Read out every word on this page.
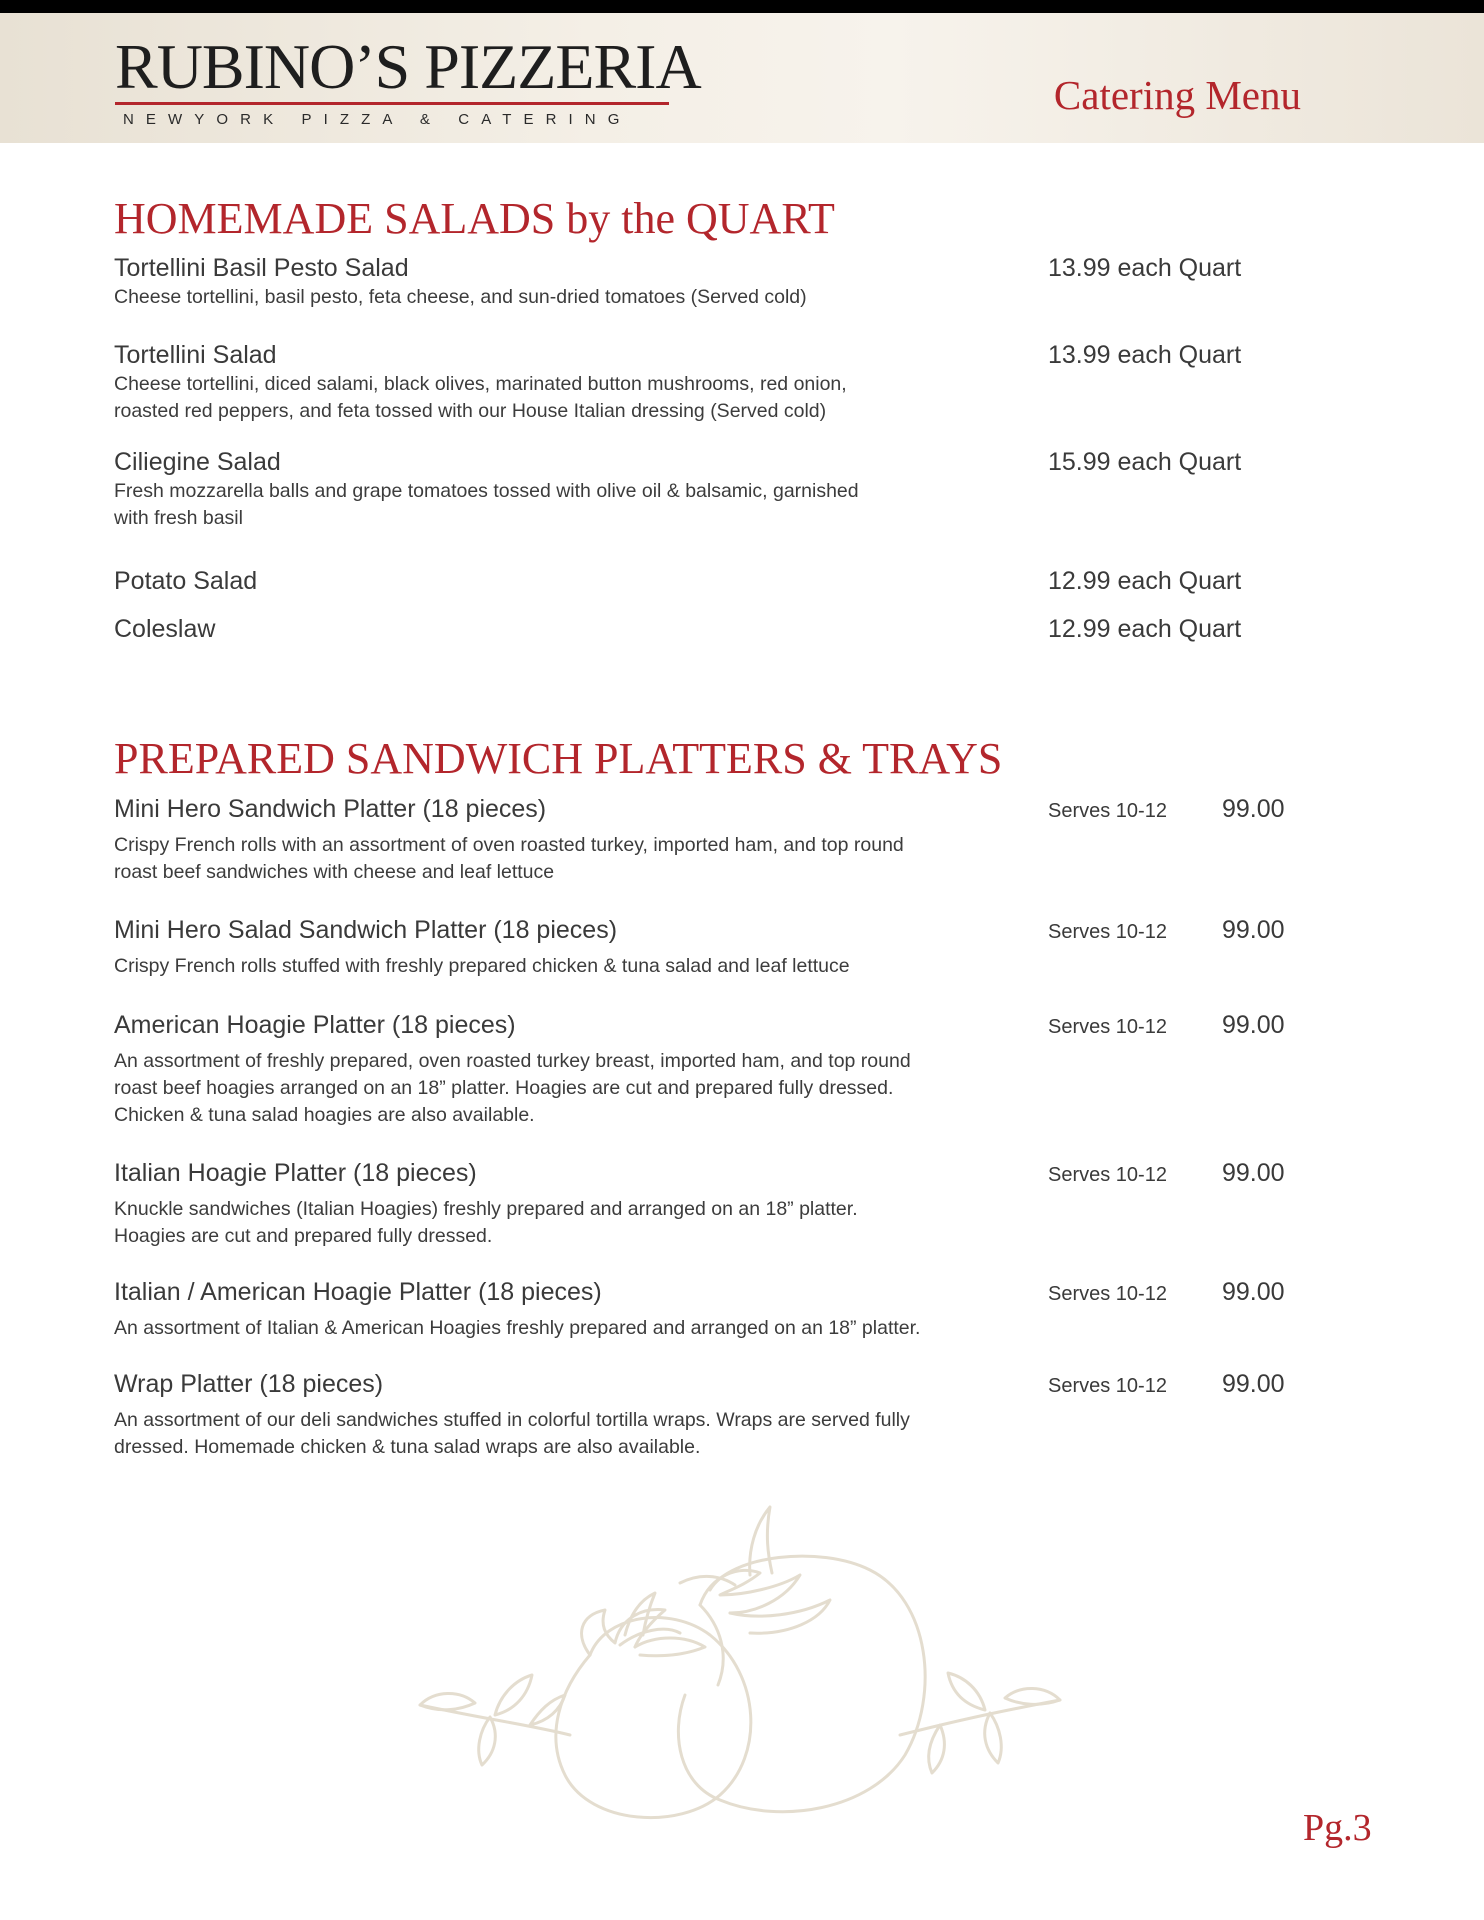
RUBINO’S PIZZERIA
NEWYORK PIZZA & CATERING
Catering Menu
HOMEMADE SALADS by the QUART
Tortellini Basil Pesto Salad
Cheese tortellini, basil pesto, feta cheese, and sun-dried tomatoes (Served cold)
13.99 each Quart
Tortellini Salad
Cheese tortellini, diced salami, black olives, marinated button mushrooms, red onion,
roasted red peppers, and feta tossed with our House Italian dressing (Served cold)
13.99 each Quart
Ciliegine Salad
Fresh mozzarella balls and grape tomatoes tossed with olive oil & balsamic, garnished
with fresh basil
15.99 each Quart
Potato Salad	12.99 each Quart
Coleslaw	12.99 each Quart
PREPARED SANDWICH PLATTERS & TRAYS
Mini Hero Sandwich Platter (18 pieces)
Crispy French rolls with an assortment of oven roasted turkey, imported ham, and top round
roast beef sandwiches with cheese and leaf lettuce
Serves 10-12 99.00
Mini Hero Salad Sandwich Platter (18 pieces)
Crispy French rolls stuffed with freshly prepared chicken & tuna salad and leaf lettuce
Serves 10-12 99.00
American Hoagie Platter (18 pieces)
An assortment of freshly prepared, oven roasted turkey breast, imported ham, and top round
roast beef hoagies arranged on an 18” platter. Hoagies are cut and prepared fully dressed.
Chicken & tuna salad hoagies are also available.
Serves 10-12 99.00
Italian Hoagie Platter (18 pieces)
Knuckle sandwiches (Italian Hoagies) freshly prepared and arranged on an 18” platter.
Hoagies are cut and prepared fully dressed.
Serves 10-12 99.00
Italian / American Hoagie Platter (18 pieces)
An assortment of Italian & American Hoagies freshly prepared and arranged on an 18” platter.
Serves 10-12 99.00
Wrap Platter (18 pieces)
An assortment of our deli sandwiches stuffed in colorful tortilla wraps. Wraps are served fully
dressed. Homemade chicken & tuna salad wraps are also available.
Serves 10-12 99.00
Pg.3
